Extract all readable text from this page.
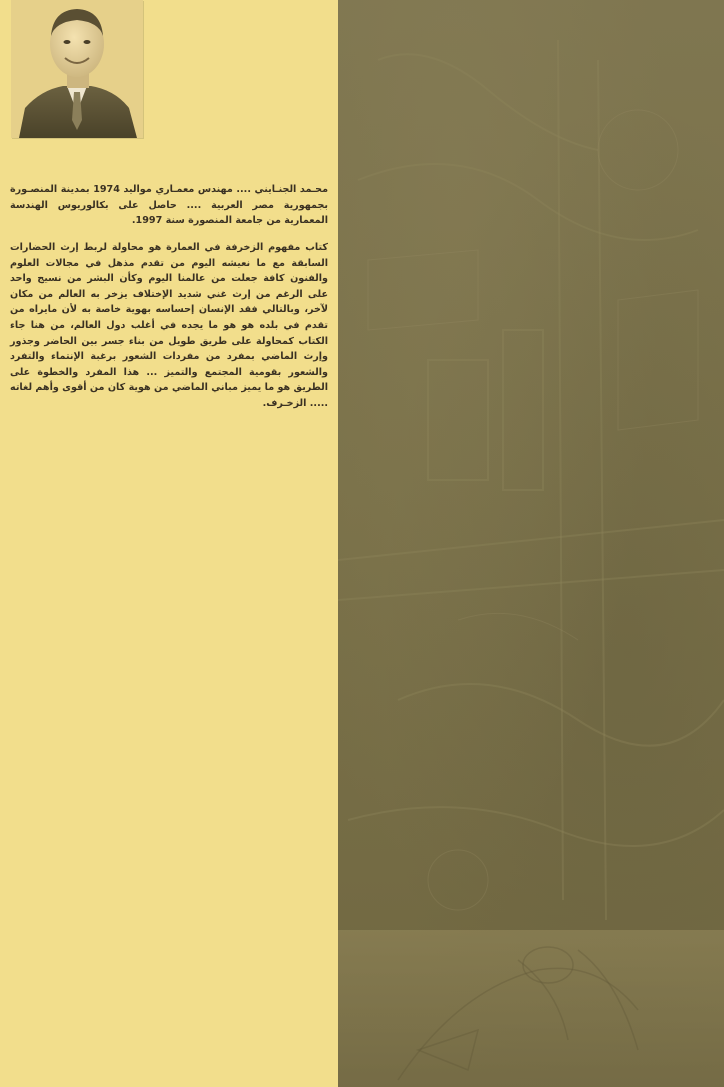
محـمد الجنـايني .... مهندس معمـاري مواليد 1974 بمدينة المنصـورة بجمهورية مصر العربية .... حاصل على بكالوريوس الهندسة المعمارية من جامعة المنصورة سنة 1997.

كتاب مفهوم الزخرفة في العمارة هو محاولة لربط إرث الحضارات السابقة مع ما نعيشه اليوم من تقدم مذهل في مجالات العلوم والفنون كافة جعلت من عالمنا اليوم وكأن البشر من نسيج واحد على الرغم من إرث غني شديد الإختلاف يزخر به العالم من مكان لآخر، وبالتالي فقد الإنسان إحساسه بهوية خاصة به لأن مايراه من تقدم في بلده هو هو ما يجده في أغلب دول العالم، من هنا جاء الكتاب كمحاولة على طريق طويل من بناء جسر بين الحاضر وجذور وإرث الماضي بمفرد من مفردات الشعور برغبة الإنتماء والتفرد والشعور بقومية المجتمع والتميز ... هذا المفرد والخطوة على الطريق هو ما يميز مباني الماضي من هوية كان من أقوى وأهم لغاته ..... الزخـرف.
